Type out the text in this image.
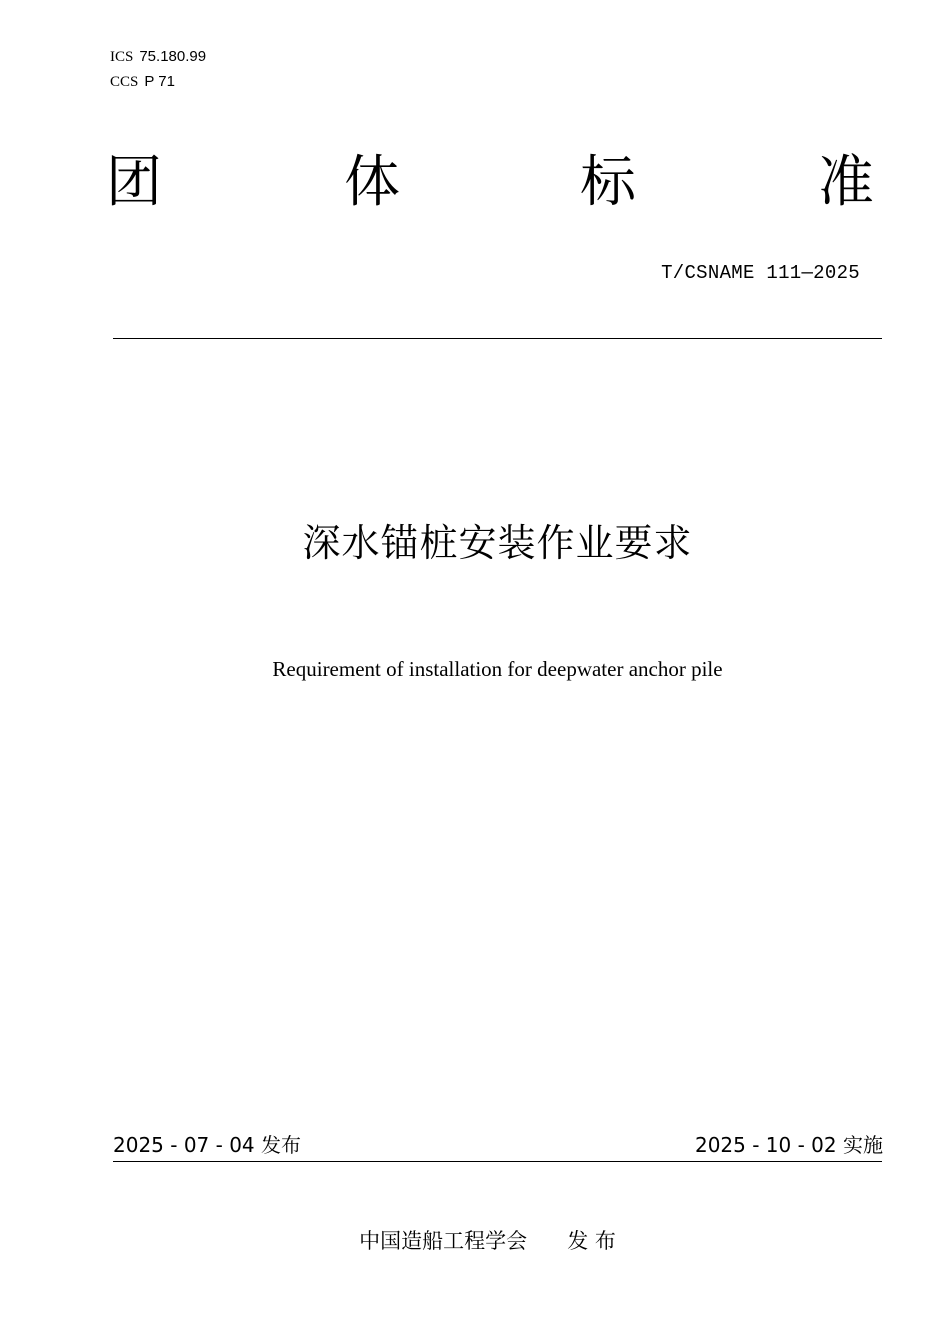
ICS 75.180.99
CCS P 71
团	体	标	准
T/CSNAME 111—2025
深水锚桩安装作业要求
Requirement of installation for deepwater anchor pile
2025 - 07 - 04 发布	2025 - 10 - 02 实施
中国造船工程学会 发 布
